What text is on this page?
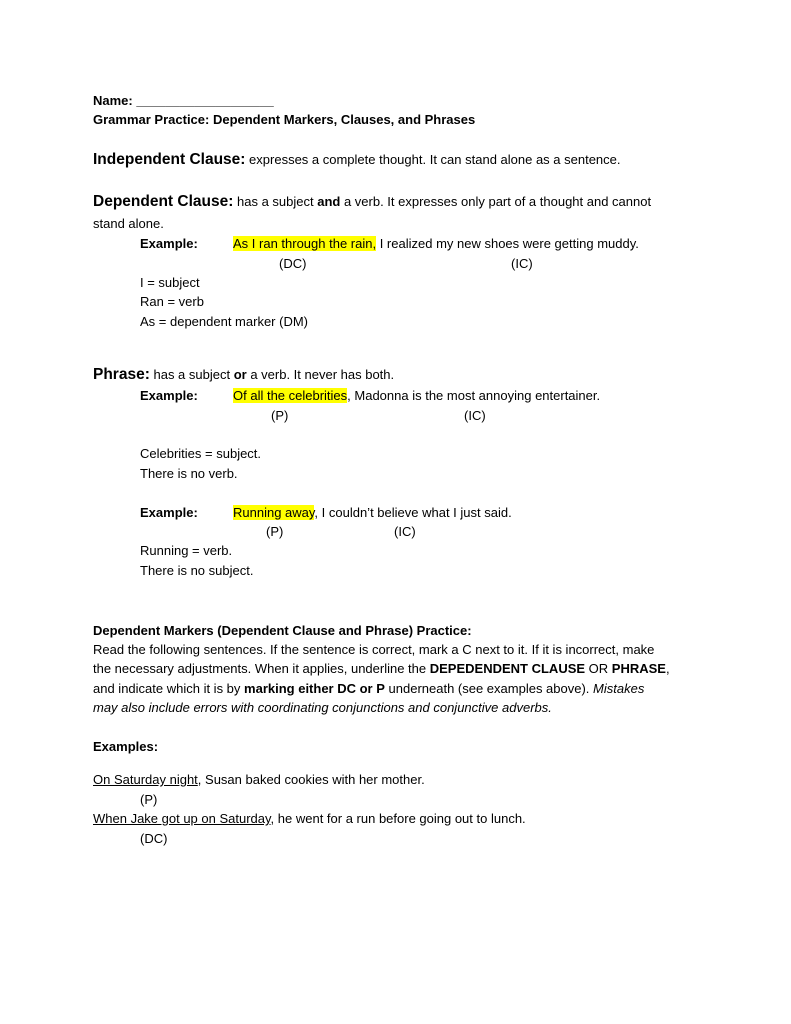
Name: ___________________
Grammar Practice: Dependent Markers, Clauses, and Phrases
Independent Clause: expresses a complete thought. It can stand alone as a sentence.
Dependent Clause: has a subject and a verb. It expresses only part of a thought and cannot
stand alone.
Example:	As I ran through the rain, I realized my new shoes were getting muddy.
(DC)	(IC)
I = subject
Ran = verb
As = dependent marker (DM)
Phrase: has a subject or a verb. It never has both.
Example:	Of all the celebrities, Madonna is the most annoying entertainer.
(P)	(IC)
Celebrities = subject.
There is no verb.
Example:	Running away, I couldn’t believe what I just said.
(P)	(IC)
Running = verb.
There is no subject.
Dependent Markers (Dependent Clause and Phrase) Practice:
Read the following sentences. If the sentence is correct, mark a C next to it. If it is incorrect, make
the necessary adjustments. When it applies, underline the DEPEDENDENT CLAUSE OR PHRASE,
and indicate which it is by marking either DC or P underneath (see examples above). Mistakes
may also include errors with coordinating conjunctions and conjunctive adverbs.
Examples:
On Saturday night, Susan baked cookies with her mother.
(P)
When Jake got up on Saturday, he went for a run before going out to lunch.
(DC)
